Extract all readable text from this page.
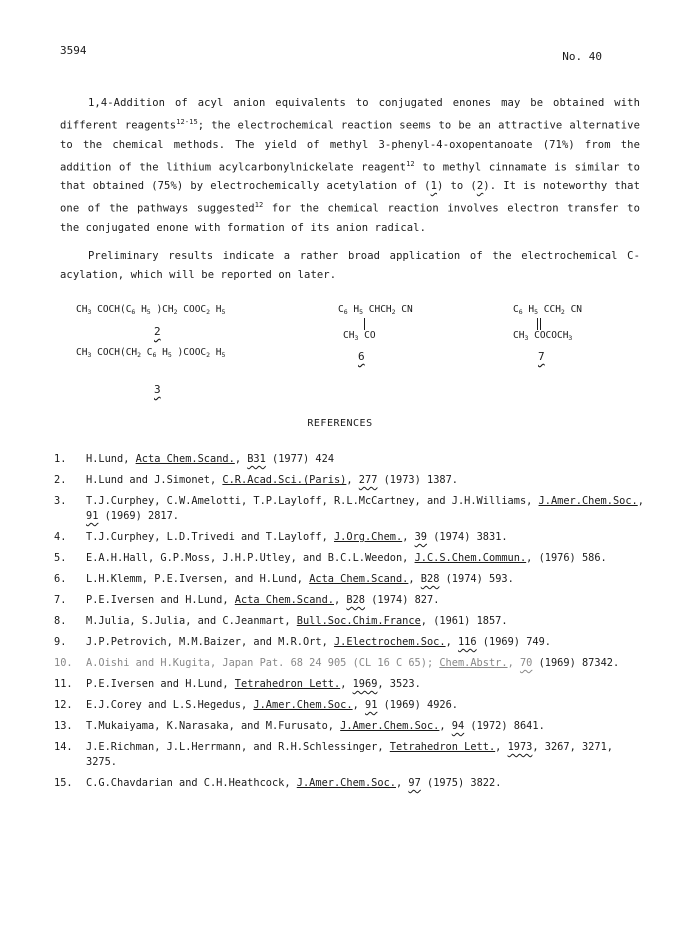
3594	No. 40

1,4-Addition of acyl anion equivalents to conjugated enones may be obtained with different reagents$^{12-15}$; the electrochemical reaction seems to be an attractive alternative to the chemical methods. The yield of methyl 3-phenyl-4-oxopentanoate (71%) from the addition of the lithium acylcarbonylnickelate reagent$^{12}$ to methyl cinnamate is similar to that obtained (75%) by electrochemically acetylation of (1) to (2). It is noteworthy that one of the pathways suggested$^{12}$ for the chemical reaction involves electron transfer to the conjugated enone with formation of its anion radical.

Preliminary results indicate a rather broad application of the electrochemical C-acylation, which will be reported on later.

$CH_3$ $COCH(C_6$ $H_5$ )$CH_2$ $COOC_2$ $H_5$
2
$CH_3$ $COCH(CH_2$ $C_6$ $H_5$ )$COOC_2$ $H_5$
3
$C_6$ $H_5$ $CHCH_2$ CN
$CH_3$ CO
6
$C_6$ $H_5$ $CCH_2$ CN
$CH_3$ $COCOCH_3$
7
REFERENCES
1. H.Lund, Acta Chem.Scand., B31 (1977) 424
2. H.Lund and J.Simonet, C.R.Acad.Sci.(Paris), 277 (1973) 1387.
3. T.J.Curphey, C.W.Amelotti, T.P.Layloff, R.L.McCartney, and J.H.Williams, J.Amer.Chem.Soc., 91 (1969) 2817.
4. T.J.Curphey, L.D.Trivedi and T.Layloff, J.Org.Chem., 39 (1974) 3831.
5. E.A.H.Hall, G.P.Moss, J.H.P.Utley, and B.C.L.Weedon, J.C.S.Chem.Commun., (1976) 586.
6. L.H.Klemm, P.E.Iversen, and H.Lund, Acta Chem.Scand., B28 (1974) 593.
7. P.E.Iversen and H.Lund, Acta Chem.Scand., B28 (1974) 827.
8. M.Julia, S.Julia, and C.Jeanmart, Bull.Soc.Chim.France, (1961) 1857.
9. J.P.Petrovich, M.M.Baizer, and M.R.Ort, J.Electrochem.Soc., 116 (1969) 749.
10. A.Oishi and H.Kugita, Japan Pat. 68 24 905 (CL 16 C 65); Chem.Abstr., 70 (1969) 87342.
11. P.E.Iversen and H.Lund, Tetrahedron Lett., 1969, 3523.
12. E.J.Corey and L.S.Hegedus, J.Amer.Chem.Soc., 91 (1969) 4926.
13. T.Mukaiyama, K.Narasaka, and M.Furusato, J.Amer.Chem.Soc., 94 (1972) 8641.
14. J.E.Richman, J.L.Herrmann, and R.H.Schlessinger, Tetrahedron Lett., 1973, 3267, 3271, 3275.
15. C.G.Chavdarian and C.H.Heathcock, J.Amer.Chem.Soc., 97 (1975) 3822.
